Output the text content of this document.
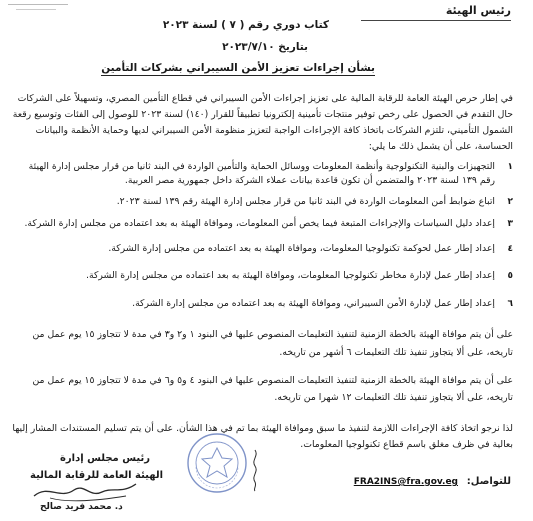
رئيس الهيئة
كتاب دوري رقم ( ٧ ) لسنة ٢٠٢٣
بتاريخ ٢٠٢٣/٧/١٠
بشأن إجراءات تعزيز الأمن السيبراني بشركات التأمين
في إطار حرص الهيئة العامة للرقابة المالية على تعزيز إجراءات الأمن السيبراني في قطاع التأمين المصري، وتسهيلاً على الشركات
حال التقدم في الحصول على رخص توفير منتجات تأمينية إلكترونيا تطبيقاً للقرار (١٤٠) لسنة ٢٠٢٣ للوصول إلى الفئات وتوسيع رقعة
الشمول التأميني، تلتزم الشركات باتخاذ كافة الإجراءات الواجبة لتعزيز منظومة الأمن السيبراني لديها وحماية الأنظمة والبيانات
الحساسة، على أن يشمل ذلك ما يلي:
١
التجهيزات والبنية التكنولوجية وأنظمة المعلومات ووسائل الحماية والتأمين الواردة في البند ثانيا من قرار مجلس إدارة الهيئة
رقم ١٣٩ لسنة ٢٠٢٣ والمتضمن أن تكون قاعدة بيانات عملاء الشركة داخل جمهورية مصر العربية.
٢
اتباع ضوابط أمن المعلومات الواردة في البند ثانيا من قرار مجلس إدارة الهيئة رقم ١٣٩ لسنة ٢٠٢٣.
٣
إعداد دليل السياسات والإجراءات المتبعة فيما يخص أمن المعلومات، وموافاة الهيئة به بعد اعتماده من مجلس إدارة الشركة.
٤
إعداد إطار عمل لحوكمة تكنولوجيا المعلومات، وموافاة الهيئة به بعد اعتماده من مجلس إدارة الشركة.
٥
إعداد إطار عمل لإدارة مخاطر تكنولوجيا المعلومات، وموافاة الهيئة به بعد اعتماده من مجلس إدارة الشركة.
٦
إعداد إطار عمل لإدارة الأمن السيبراني، وموافاة الهيئة به بعد اعتماده من مجلس إدارة الشركة.
على أن يتم موافاة الهيئة بالخطة الزمنية لتنفيذ التعليمات المنصوص عليها في البنود ١ و٢ و٣ في مدة لا تتجاوز ١٥ يوم عمل من
تاريخه، على ألا يتجاوز تنفيذ تلك التعليمات ٦ أشهر من تاريخه.
على أن يتم موافاة الهيئة بالخطة الزمنية لتنفيذ التعليمات المنصوص عليها في البنود ٤ و٥ و٦ في مدة لا تتجاوز ١٥ يوم عمل من
تاريخه، على ألا يتجاوز تنفيذ تلك التعليمات ١٢ شهرا من تاريخه.
لذا نرجو اتخاذ كافة الإجراءات اللازمة لتنفيذ ما سبق وموافاة الهيئة بما تم في هذا الشأن. على أن يتم تسليم المستندات المشار إليها
بعالية في ظرف مغلق باسم قطاع تكنولوجيا المعلومات.
رئيس مجلس إدارة
الهيئة العامة للرقابة المالية
د. محمد فريد صالح
للتواصل:
FRA2INS@fra.gov.eg
